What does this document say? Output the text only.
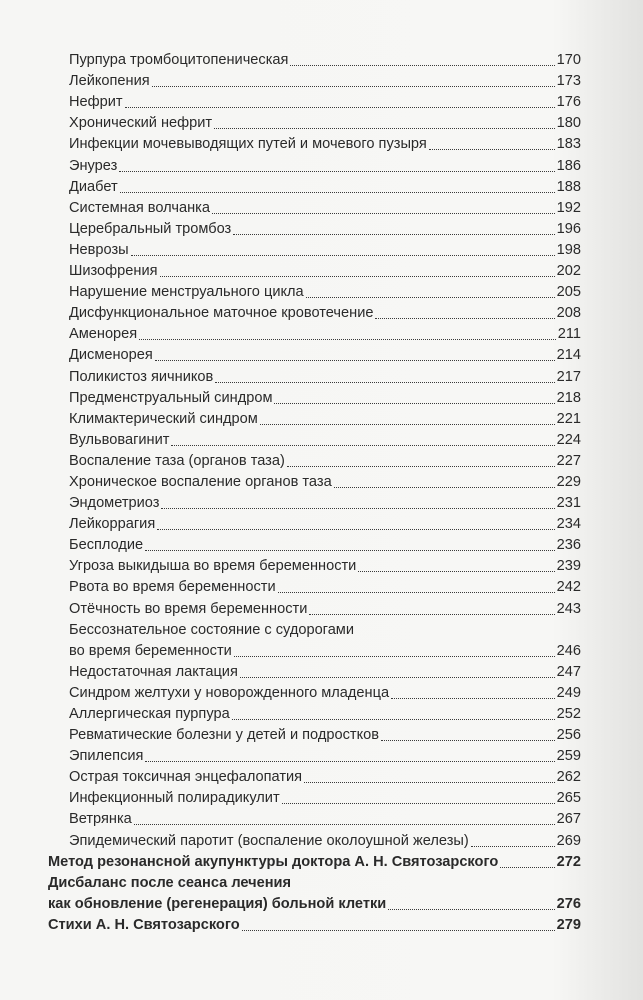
Пурпура тромбоцитопеническая	170
Лейкопения	173
Нефрит	176
Хронический нефрит	180
Инфекции мочевыводящих путей и мочевого пузыря	183
Энурез	186
Диабет	188
Системная волчанка	192
Церебральный тромбоз	196
Неврозы	198
Шизофрения	202
Нарушение менструального цикла	205
Дисфункциональное маточное кровотечение	208
Аменорея	211
Дисменорея	214
Поликистоз яичников	217
Предменструальный синдром	218
Климактерический синдром	221
Вульвовагинит	224
Воспаление таза (органов таза)	227
Хроническое воспаление органов таза	229
Эндометриоз	231
Лейкоррагия	234
Бесплодие	236
Угроза выкидыша во время беременности	239
Рвота во время беременности	242
Отёчность во время беременности	243
Бессознательное состояние с судорогами
во время беременности	246
Недостаточная лактация	247
Синдром желтухи у новорожденного младенца	249
Аллергическая пурпура	252
Ревматические болезни у детей и подростков	256
Эпилепсия	259
Острая токсичная энцефалопатия	262
Инфекционный полирадикулит	265
Ветрянка	267
Эпидемический паротит (воспаление околоушной железы)	269
Метод резонансной акупунктуры доктора А. Н. Святозарского	272
Дисбаланс после сеанса лечения
как обновление (регенерация) больной клетки	276
Стихи А. Н. Святозарского	279
